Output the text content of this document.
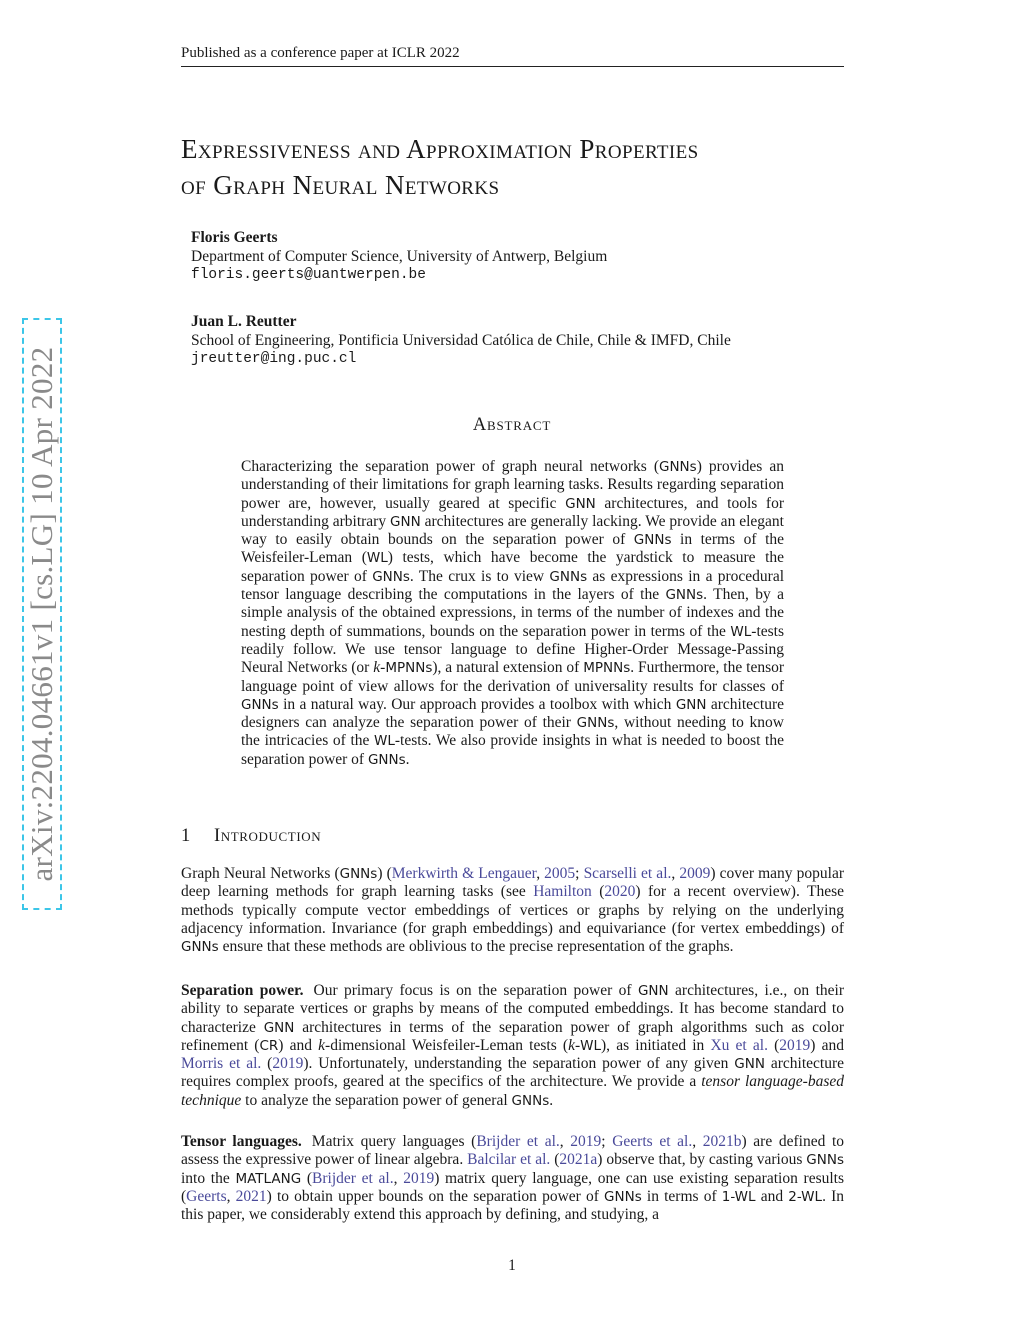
Published as a conference paper at ICLR 2022
Expressiveness and Approximation Properties
of Graph Neural Networks
Floris Geerts
Department of Computer Science, University of Antwerp, Belgium
floris.geerts@uantwerpen.be
Juan L. Reutter
School of Engineering, Pontificia Universidad Católica de Chile, Chile & IMFD, Chile
jreutter@ing.puc.cl
Abstract

Characterizing the separation power of graph neural networks (GNNs) provides an understanding of their limitations for graph learning tasks. Results regarding separation power are, however, usually geared at specific GNN architectures, and tools for understanding arbitrary GNN architectures are generally lacking. We provide an elegant way to easily obtain bounds on the separation power of GNNs in terms of the Weisfeiler-Leman (WL) tests, which have become the yardstick to measure the separation power of GNNs. The crux is to view GNNs as expressions in a procedural tensor language describing the computations in the layers of the GNNs. Then, by a simple analysis of the obtained expressions, in terms of the number of indexes and the nesting depth of summations, bounds on the separation power in terms of the WL-tests readily follow. We use tensor language to define Higher-Order Message-Passing Neural Networks (or k-MPNNs), a natural extension of MPNNs. Furthermore, the tensor language point of view allows for the derivation of universality results for classes of GNNs in a natural way. Our approach provides a toolbox with which GNN architecture designers can analyze the separation power of their GNNs, without needing to know the intricacies of the WL-tests. We also provide insights in what is needed to boost the separation power of GNNs.

1 Introduction

Graph Neural Networks (GNNs) (Merkwirth & Lengauer, 2005; Scarselli et al., 2009) cover many popular deep learning methods for graph learning tasks (see Hamilton (2020) for a recent overview). These methods typically compute vector embeddings of vertices or graphs by relying on the underlying adjacency information. Invariance (for graph embeddings) and equivariance (for vertex embeddings) of GNNs ensure that these methods are oblivious to the precise representation of the graphs.

Separation power. Our primary focus is on the separation power of GNN architectures, i.e., on their ability to separate vertices or graphs by means of the computed embeddings. It has become standard to characterize GNN architectures in terms of the separation power of graph algorithms such as color refinement (CR) and k-dimensional Weisfeiler-Leman tests (k-WL), as initiated in Xu et al. (2019) and Morris et al. (2019). Unfortunately, understanding the separation power of any given GNN architecture requires complex proofs, geared at the specifics of the architecture. We provide a tensor language-based technique to analyze the separation power of general GNNs.

Tensor languages. Matrix query languages (Brijder et al., 2019; Geerts et al., 2021b) are defined to assess the expressive power of linear algebra. Balcilar et al. (2021a) observe that, by casting various GNNs into the MATLANG (Brijder et al., 2019) matrix query language, one can use existing separation results (Geerts, 2021) to obtain upper bounds on the separation power of GNNs in terms of 1-WL and 2-WL. In this paper, we considerably extend this approach by defining, and studying, a

1
arXiv:2204.04661v1 [cs.LG] 10 Apr 2022
